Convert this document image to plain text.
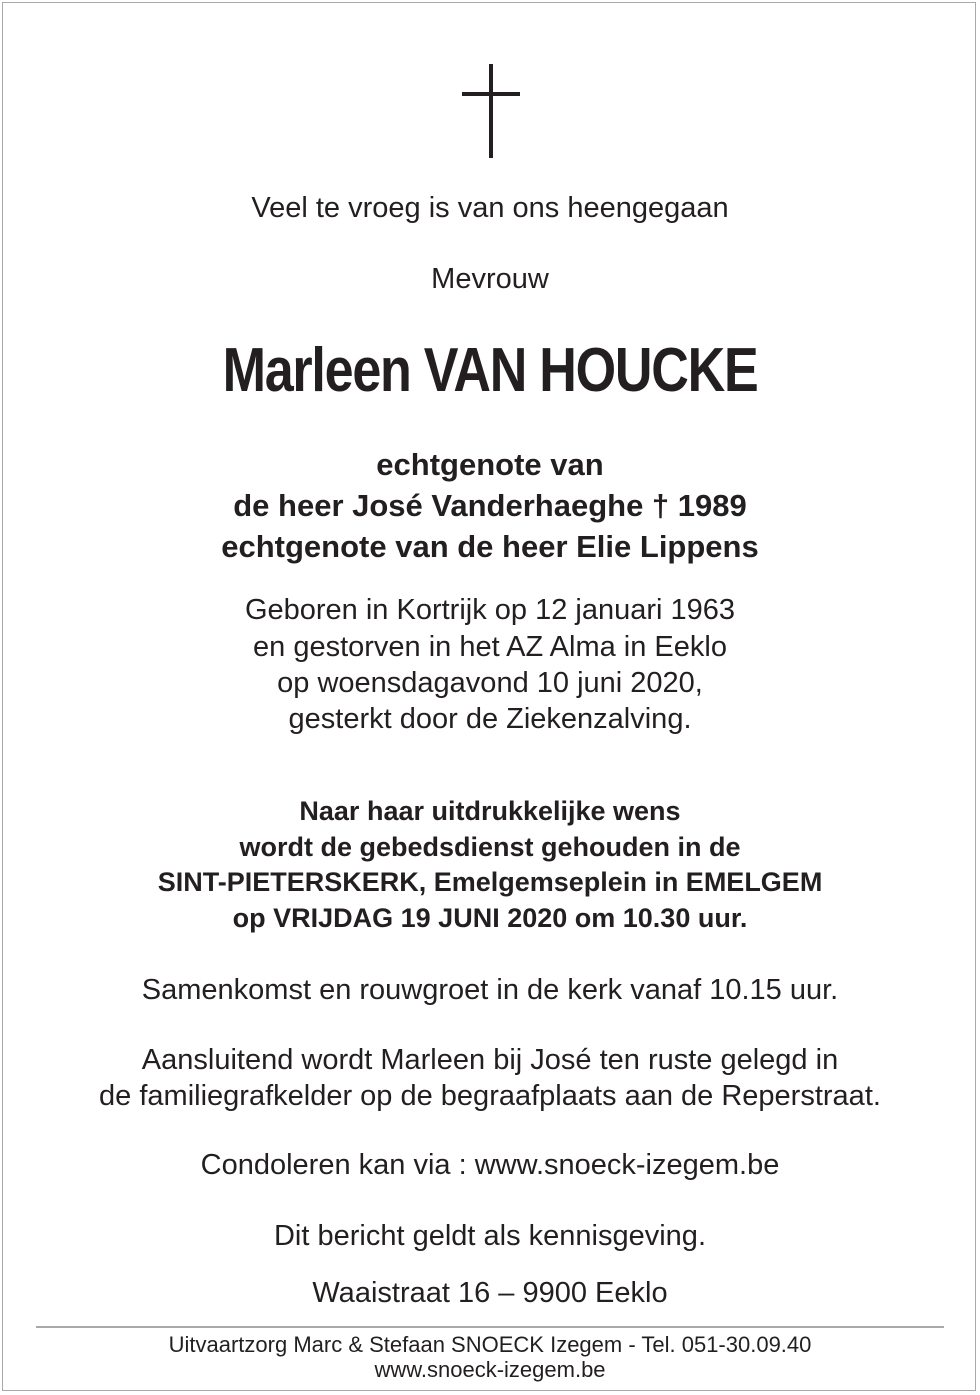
Veel te vroeg is van ons heengegaan
Mevrouw
Marleen VAN HOUCKE
echtgenote van
de heer José Vanderhaeghe † 1989
echtgenote van de heer Elie Lippens
Geboren in Kortrijk op 12 januari 1963
en gestorven in het AZ Alma in Eeklo
op woensdagavond 10 juni 2020,
gesterkt door de Ziekenzalving.
Naar haar uitdrukkelijke wens
wordt de gebedsdienst gehouden in de
SINT-PIETERSKERK, Emelgemseplein in EMELGEM
op VRIJDAG 19 JUNI 2020 om 10.30 uur.
Samenkomst en rouwgroet in de kerk vanaf 10.15 uur.
Aansluitend wordt Marleen bij José ten ruste gelegd in
de familiegrafkelder op de begraafplaats aan de Reperstraat.
Condoleren kan via : www.snoeck-izegem.be
Dit bericht geldt als kennisgeving.
Waaistraat 16 – 9900 Eeklo
Uitvaartzorg Marc & Stefaan SNOECK Izegem - Tel. 051-30.09.40
www.snoeck-izegem.be
